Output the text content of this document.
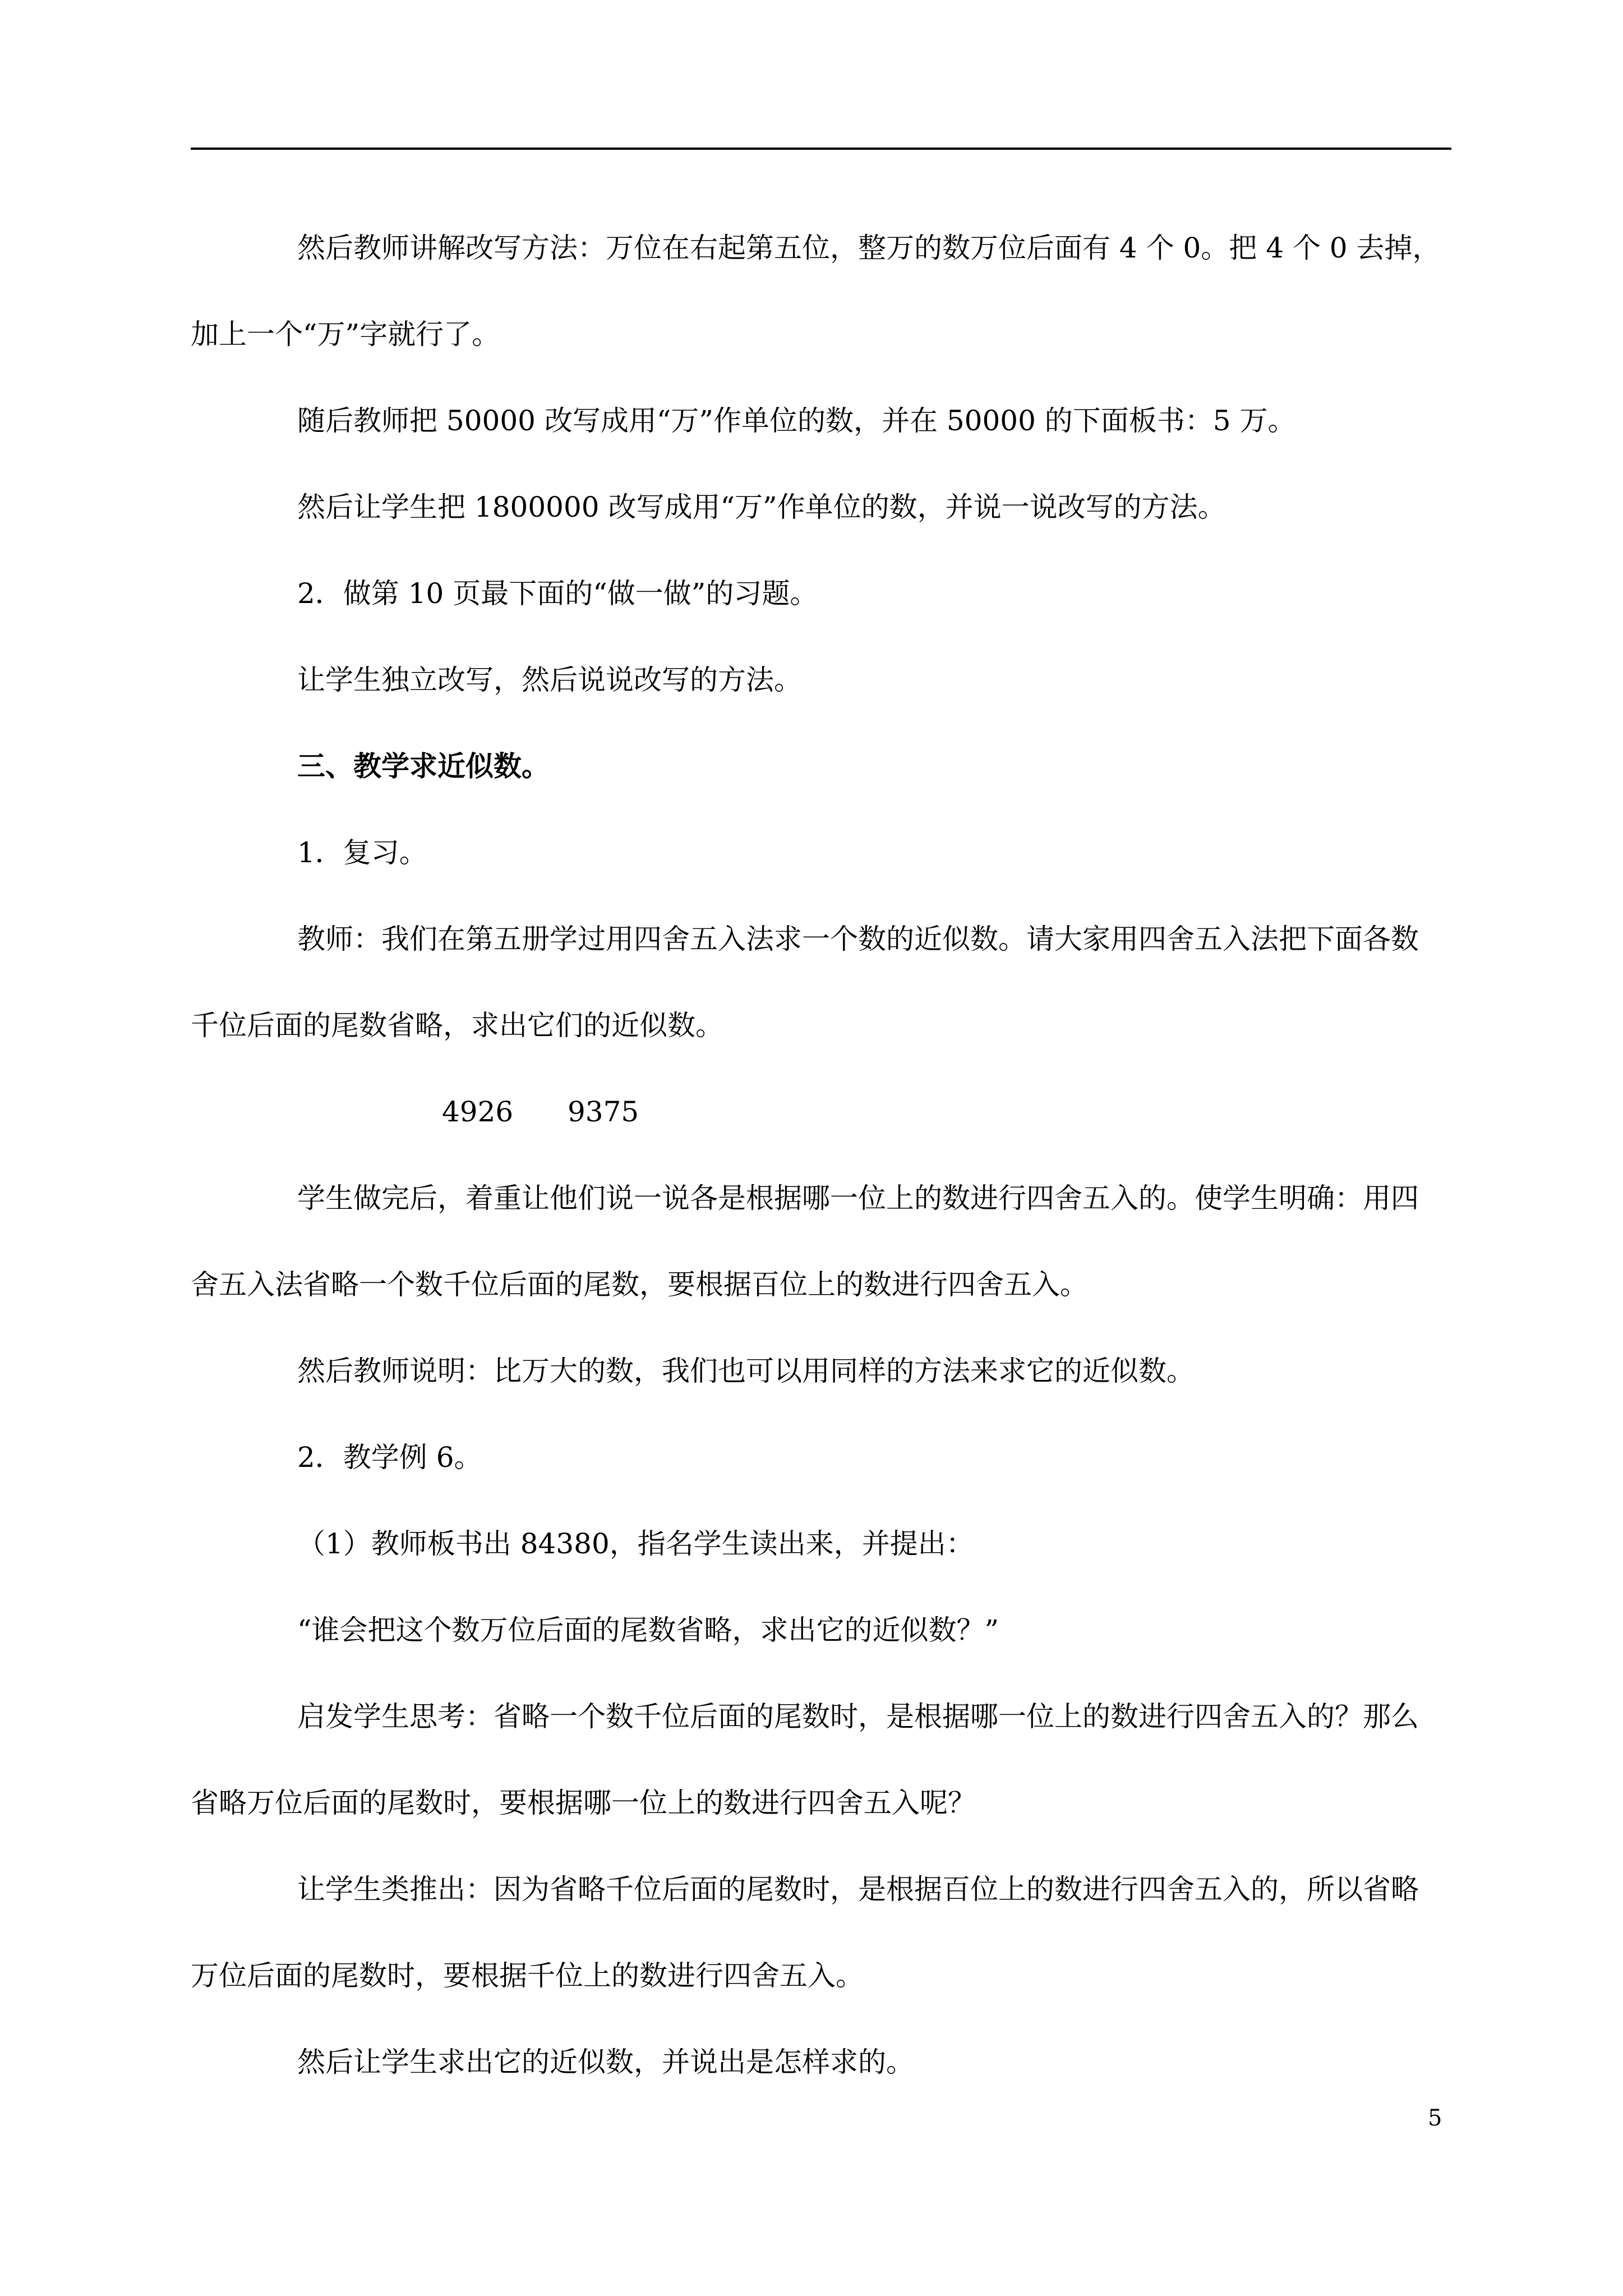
然后教师讲解改写方法：万位在右起第五位，整万的数万位后面有 4 个 0。把 4 个 0 去掉，
加上一个“万”字就行了。
随后教师把 50000 改写成用“万”作单位的数，并在 50000 的下面板书：5 万。
然后让学生把 1800000 改写成用“万”作单位的数，并说一说改写的方法。
2．做第 10 页最下面的“做一做”的习题。
让学生独立改写，然后说说改写的方法。
三、教学求近似数。
1．复习。
教师：我们在第五册学过用四舍五入法求一个数的近似数。请大家用四舍五入法把下面各数
千位后面的尾数省略，求出它们的近似数。
4926 9375
学生做完后，着重让他们说一说各是根据哪一位上的数进行四舍五入的。使学生明确：用四
舍五入法省略一个数千位后面的尾数，要根据百位上的数进行四舍五入。
然后教师说明：比万大的数，我们也可以用同样的方法来求它的近似数。
2．教学例 6。
（1）教师板书出 84380，指名学生读出来，并提出：
“谁会把这个数万位后面的尾数省略，求出它的近似数？”
启发学生思考：省略一个数千位后面的尾数时，是根据哪一位上的数进行四舍五入的？那么
省略万位后面的尾数时，要根据哪一位上的数进行四舍五入呢？
让学生类推出：因为省略千位后面的尾数时，是根据百位上的数进行四舍五入的，所以省略
万位后面的尾数时，要根据千位上的数进行四舍五入。
然后让学生求出它的近似数，并说出是怎样求的。
5
